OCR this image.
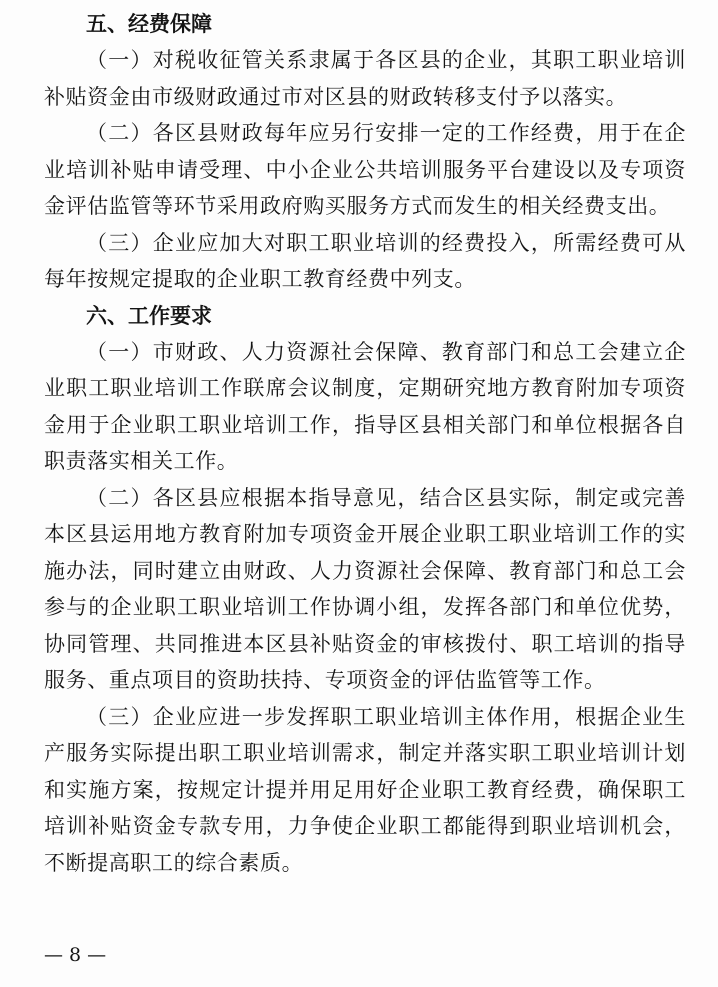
五、经费保障

（一）对税收征管关系隶属于各区县的企业，其职工职业培训补贴资金由市级财政通过市对区县的财政转移支付予以落实。

（二）各区县财政每年应另行安排一定的工作经费，用于在企业培训补贴申请受理、中小企业公共培训服务平台建设以及专项资金评估监管等环节采用政府购买服务方式而发生的相关经费支出。

（三）企业应加大对职工职业培训的经费投入，所需经费可从每年按规定提取的企业职工教育经费中列支。

六、工作要求

（一）市财政、人力资源社会保障、教育部门和总工会建立企业职工职业培训工作联席会议制度，定期研究地方教育附加专项资金用于企业职工职业培训工作，指导区县相关部门和单位根据各自职责落实相关工作。

（二）各区县应根据本指导意见，结合区县实际，制定或完善本区县运用地方教育附加专项资金开展企业职工职业培训工作的实施办法，同时建立由财政、人力资源社会保障、教育部门和总工会参与的企业职工职业培训工作协调小组，发挥各部门和单位优势，协同管理、共同推进本区县补贴资金的审核拨付、职工培训的指导服务、重点项目的资助扶持、专项资金的评估监管等工作。

（三）企业应进一步发挥职工职业培训主体作用，根据企业生产服务实际提出职工职业培训需求，制定并落实职工职业培训计划和实施方案，按规定计提并用足用好企业职工教育经费，确保职工培训补贴资金专款专用，力争使企业职工都能得到职业培训机会，不断提高职工的综合素质。

— 8 —
